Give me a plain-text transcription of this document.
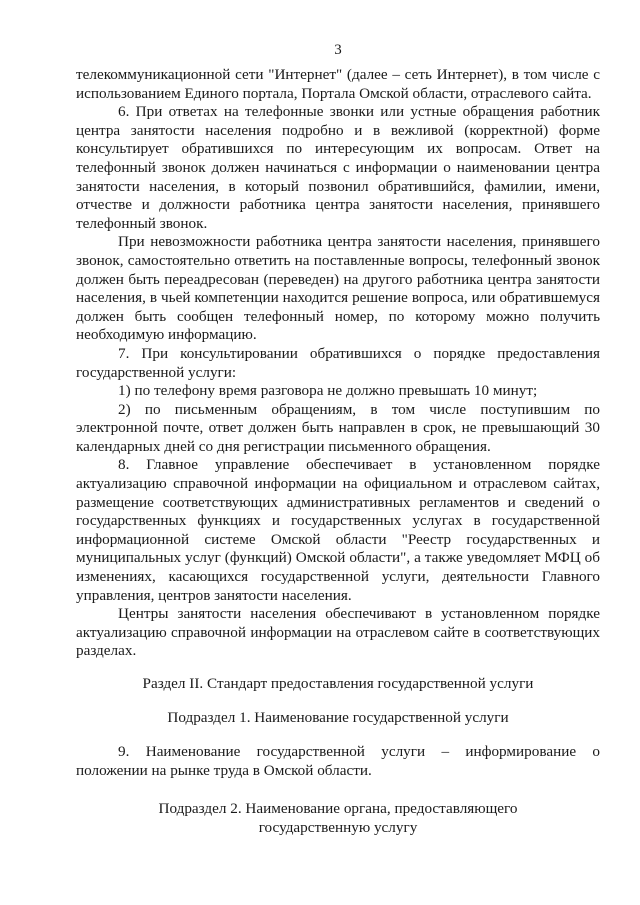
3

телекоммуникационной сети "Интернет" (далее – сеть Интернет), в том числе с использованием Единого портала, Портала Омской области, отраслевого сайта.

6. При ответах на телефонные звонки или устные обращения работник центра занятости населения подробно и в вежливой (корректной) форме консультирует обратившихся по интересующим их вопросам. Ответ на телефонный звонок должен начинаться с информации о наименовании центра занятости населения, в который позвонил обратившийся, фамилии, имени, отчестве и должности работника центра занятости населения, принявшего телефонный звонок.

При невозможности работника центра занятости населения, принявшего звонок, самостоятельно ответить на поставленные вопросы, телефонный звонок должен быть переадресован (переведен) на другого работника центра занятости населения, в чьей компетенции находится решение вопроса, или обратившемуся должен быть сообщен телефонный номер, по которому можно получить необходимую информацию.

7. При консультировании обратившихся о порядке предоставления государственной услуги:

1) по телефону время разговора не должно превышать 10 минут;

2) по письменным обращениям, в том числе поступившим по электронной почте, ответ должен быть направлен в срок, не превышающий 30 календарных дней со дня регистрации письменного обращения.

8. Главное управление обеспечивает в установленном порядке актуализацию справочной информации на официальном и отраслевом сайтах, размещение соответствующих административных регламентов и сведений о государственных функциях и государственных услугах в государственной информационной системе Омской области "Реестр государственных и муниципальных услуг (функций) Омской области", а также уведомляет МФЦ об изменениях, касающихся государственной услуги, деятельности Главного управления, центров занятости населения.

Центры занятости населения обеспечивают в установленном порядке актуализацию справочной информации на отраслевом сайте в соответствующих разделах.

Раздел II. Стандарт предоставления государственной услуги
Подраздел 1. Наименование государственной услуги

9. Наименование государственной услуги – информирование о положении на рынке труда в Омской области.

Подраздел 2. Наименование органа, предоставляющего
государственную услугу
